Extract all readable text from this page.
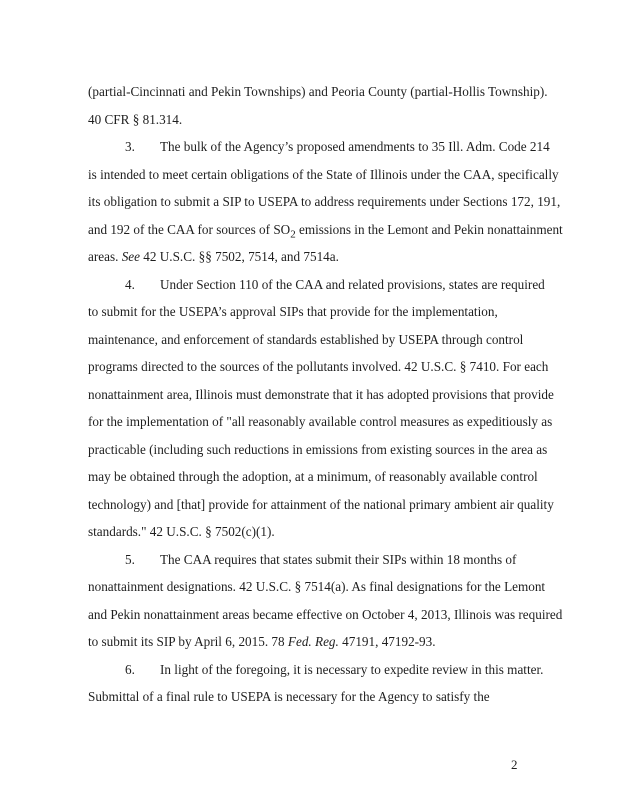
(partial-Cincinnati and Pekin Townships) and Peoria County (partial-Hollis Township).
40 CFR § 81.314.
3. The bulk of the Agency’s proposed amendments to 35 Ill. Adm. Code 214
is intended to meet certain obligations of the State of Illinois under the CAA, specifically
its obligation to submit a SIP to USEPA to address requirements under Sections 172, 191,
and 192 of the CAA for sources of $SO_2$ emissions in the Lemont and Pekin nonattainment
areas. See 42 U.S.C. §§ 7502, 7514, and 7514a.
4. Under Section 110 of the CAA and related provisions, states are required
to submit for the USEPA’s approval SIPs that provide for the implementation,
maintenance, and enforcement of standards established by USEPA through control
programs directed to the sources of the pollutants involved. 42 U.S.C. § 7410. For each
nonattainment area, Illinois must demonstrate that it has adopted provisions that provide
for the implementation of "all reasonably available control measures as expeditiously as
practicable (including such reductions in emissions from existing sources in the area as
may be obtained through the adoption, at a minimum, of reasonably available control
technology) and [that] provide for attainment of the national primary ambient air quality
standards." 42 U.S.C. § 7502(c)(1).
5. The CAA requires that states submit their SIPs within 18 months of
nonattainment designations. 42 U.S.C. § 7514(a). As final designations for the Lemont
and Pekin nonattainment areas became effective on October 4, 2013, Illinois was required
to submit its SIP by April 6, 2015. 78 Fed. Reg. 47191, 47192-93.
6. In light of the foregoing, it is necessary to expedite review in this matter.
Submittal of a final rule to USEPA is necessary for the Agency to satisfy the
2
